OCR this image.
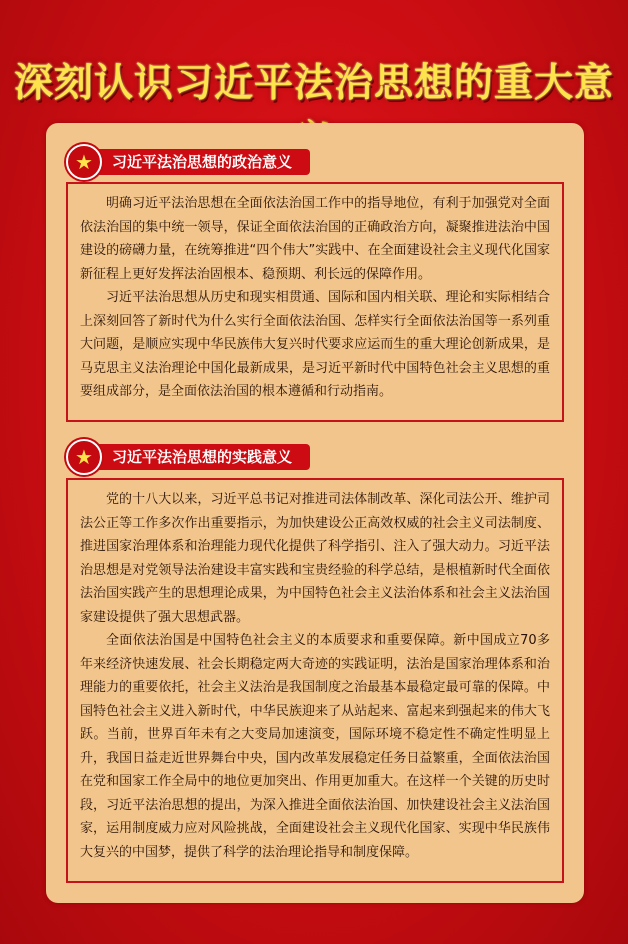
深刻认识习近平法治思想的重大意
习近平法治思想的政治意义
★

明确习近平法治思想在全面依法治国工作中的指导地位，有利于加强党对全面依法治国的集中统一领导，保证全面依法治国的正确政治方向，凝聚推进法治中国建设的磅礴力量，在统筹推进“四个伟大”实践中、在全面建设社会主义现代化国家新征程上更好发挥法治固根本、稳预期、利长远的保障作用。

习近平法治思想从历史和现实相贯通、国际和国内相关联、理论和实际相结合上深刻回答了新时代为什么实行全面依法治国、怎样实行全面依法治国等一系列重大问题，是顺应实现中华民族伟大复兴时代要求应运而生的重大理论创新成果，是马克思主义法治理论中国化最新成果，是习近平新时代中国特色社会主义思想的重要组成部分，是全面依法治国的根本遵循和行动指南。

习近平法治思想的实践意义
★

党的十八大以来，习近平总书记对推进司法体制改革、深化司法公开、维护司法公正等工作多次作出重要指示，为加快建设公正高效权威的社会主义司法制度、推进国家治理体系和治理能力现代化提供了科学指引、注入了强大动力。习近平法治思想是对党领导法治建设丰富实践和宝贵经验的科学总结，是根植新时代全面依法治国实践产生的思想理论成果，为中国特色社会主义法治体系和社会主义法治国家建设提供了强大思想武器。

全面依法治国是中国特色社会主义的本质要求和重要保障。新中国成立70多年来经济快速发展、社会长期稳定两大奇迹的实践证明，法治是国家治理体系和治理能力的重要依托，社会主义法治是我国制度之治最基本最稳定最可靠的保障。中国特色社会主义进入新时代，中华民族迎来了从站起来、富起来到强起来的伟大飞跃。当前，世界百年未有之大变局加速演变，国际环境不稳定性不确定性明显上升，我国日益走近世界舞台中央，国内改革发展稳定任务日益繁重，全面依法治国在党和国家工作全局中的地位更加突出、作用更加重大。在这样一个关键的历史时段，习近平法治思想的提出，为深入推进全面依法治国、加快建设社会主义法治国家，运用制度威力应对风险挑战，全面建设社会主义现代化国家、实现中华民族伟大复兴的中国梦，提供了科学的法治理论指导和制度保障。
